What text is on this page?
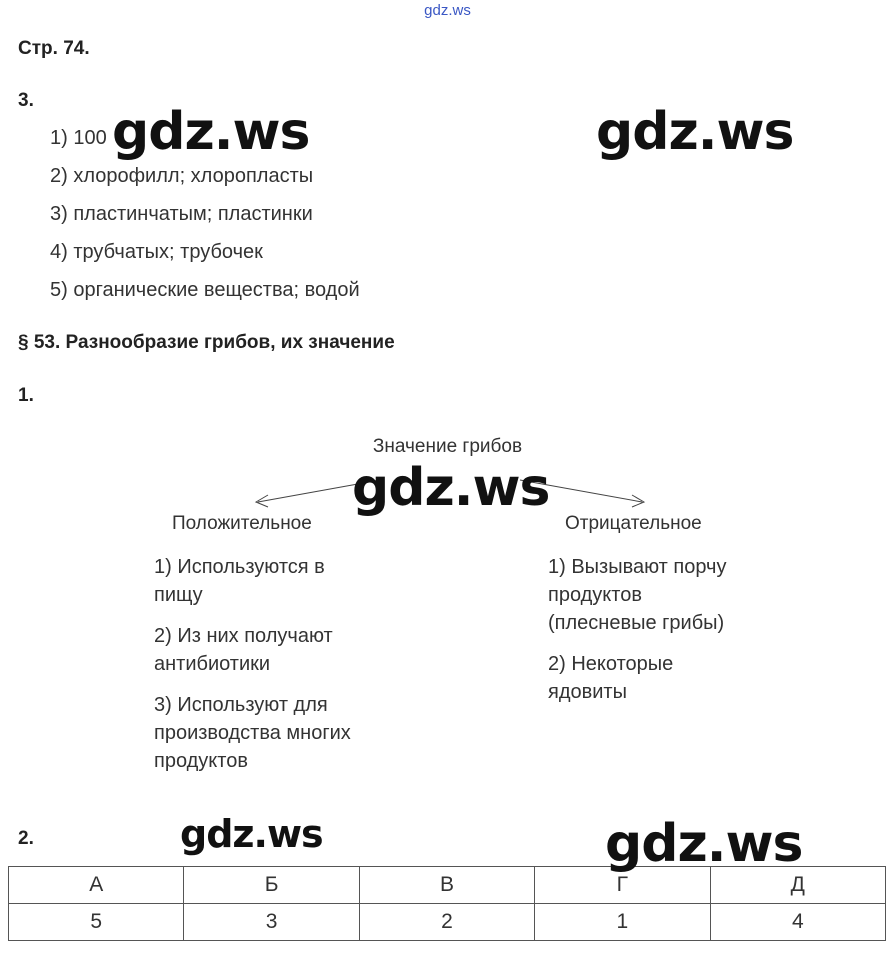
gdz.ws
Стр. 74.
3.
1) 100
2) хлорофилл; хлоропласты
3) пластинчатым; пластинки
4) трубчатых; трубочек
5) органические вещества; водой
gdz.ws	gdz.ws
§ 53. Разнообразие грибов, их значение
1.
Значение грибов
gdz.ws
Положительное	Отрицательное
1) Используются в пищу
2) Из них получают антибиотики
3) Используют для производства многих продуктов
1) Вызывают порчу продуктов (плесневые грибы)
2) Некоторые ядовиты
2.	gdz.ws
А	Б	В	Г	Д
5	3	2	1	4
gdz.ws
